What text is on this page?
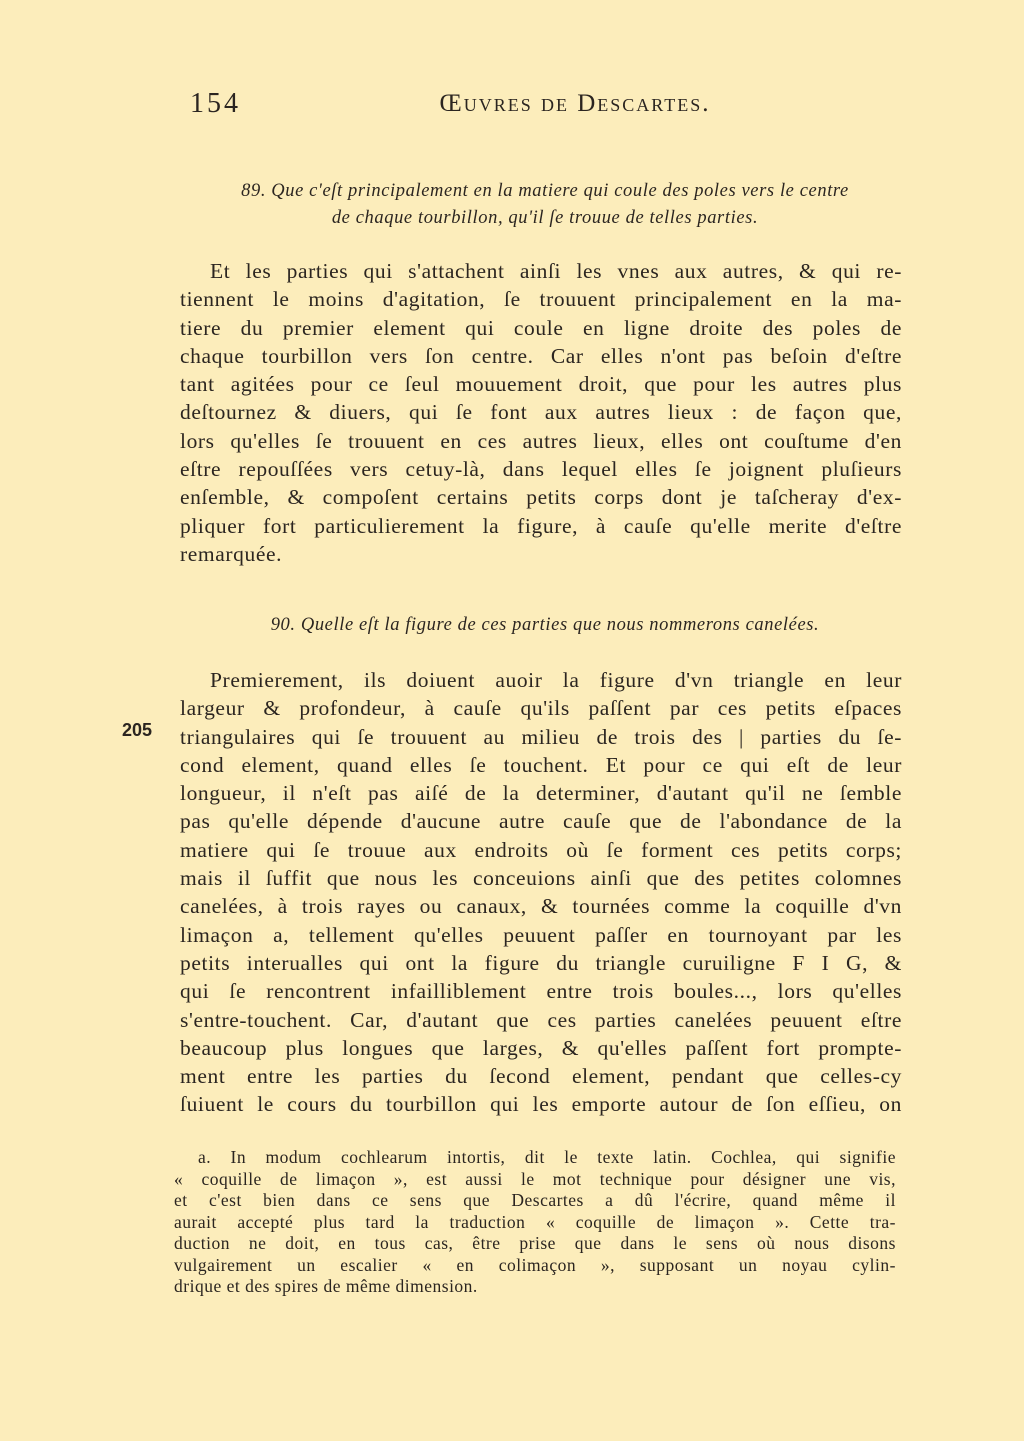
154	Œuvres de Descartes.
89. Que c'eſt principalement en la matiere qui coule des poles vers le centre
de chaque tourbillon, qu'il ſe trouue de telles parties.

Et les parties qui s'attachent ainſi les vnes aux autres, & qui re-
tiennent le moins d'agitation, ſe trouuent principalement en la ma-
tiere du premier element qui coule en ligne droite des poles de
chaque tourbillon vers ſon centre. Car elles n'ont pas beſoin d'eſtre
tant agitées pour ce ſeul mouuement droit, que pour les autres plus
deſtournez & diuers, qui ſe font aux autres lieux : de façon que,
lors qu'elles ſe trouuent en ces autres lieux, elles ont couſtume d'en
eſtre repouſſées vers cetuy-là, dans lequel elles ſe joignent pluſieurs
enſemble, & compoſent certains petits corps dont je taſcheray d'ex-
pliquer fort particulierement la figure, à cauſe qu'elle merite d'eſtre
remarquée.

90. Quelle eſt la figure de ces parties que nous nommerons canelées.
205

Premierement, ils doiuent auoir la figure d'vn triangle en leur
largeur & profondeur, à cauſe qu'ils paſſent par ces petits eſpaces
triangulaires qui ſe trouuent au milieu de trois des | parties du ſe-
cond element, quand elles ſe touchent. Et pour ce qui eſt de leur
longueur, il n'eſt pas aiſé de la determiner, d'autant qu'il ne ſemble
pas qu'elle dépende d'aucune autre cauſe que de l'abondance de la
matiere qui ſe trouue aux endroits où ſe forment ces petits corps;
mais il ſuffit que nous les conceuions ainſi que des petites colomnes
canelées, à trois rayes ou canaux, & tournées comme la coquille d'vn
limaçon a, tellement qu'elles peuuent paſſer en tournoyant par les
petits interualles qui ont la figure du triangle curuiligne F I G, &
qui ſe rencontrent infailliblement entre trois boules..., lors qu'elles
s'entre-touchent. Car, d'autant que ces parties canelées peuuent eſtre
beaucoup plus longues que larges, & qu'elles paſſent fort prompte-
ment entre les parties du ſecond element, pendant que celles-cy
ſuiuent le cours du tourbillon qui les emporte autour de ſon eſſieu, on

a. In modum cochlearum intortis, dit le texte latin. Cochlea, qui signifie
« coquille de limaçon », est aussi le mot technique pour désigner une vis,
et c'est bien dans ce sens que Descartes a dû l'écrire, quand même il
aurait accepté plus tard la traduction « coquille de limaçon ». Cette tra-
duction ne doit, en tous cas, être prise que dans le sens où nous disons
vulgairement un escalier « en colimaçon », supposant un noyau cylin-
drique et des spires de même dimension.
